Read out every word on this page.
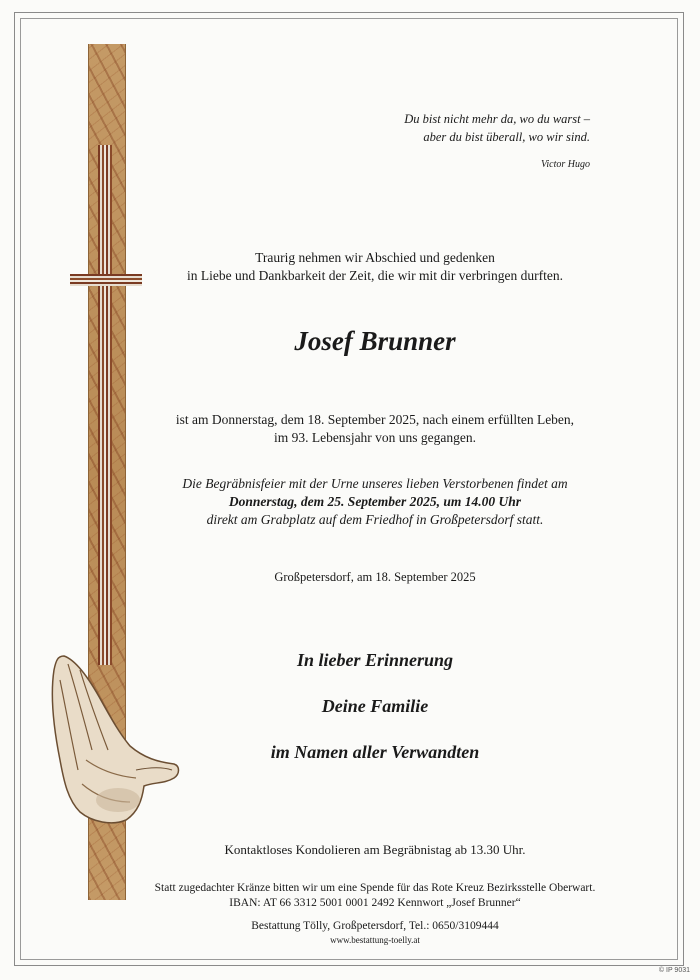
Du bist nicht mehr da, wo du warst –

aber du bist überall, wo wir sind.

Victor Hugo

Traurig nehmen wir Abschied und gedenken

in Liebe und Dankbarkeit der Zeit, die wir mit dir verbringen durften.

Josef Brunner

ist am Donnerstag, dem 18. September 2025, nach einem erfüllten Leben,

im 93. Lebensjahr von uns gegangen.

Die Begräbnisfeier mit der Urne unseres lieben Verstorbenen findet am

Donnerstag, dem 25. September 2025, um 14.00 Uhr

direkt am Grabplatz auf dem Friedhof in Großpetersdorf statt.

Großpetersdorf, am 18. September 2025

In lieber Erinnerung

Deine Familie

im Namen aller Verwandten

Kontaktloses Kondolieren am Begräbnistag ab 13.30 Uhr.

Statt zugedachter Kränze bitten wir um eine Spende für das Rote Kreuz Bezirksstelle Oberwart.

IBAN: AT 66 3312 5001 0001 2492 Kennwort „Josef Brunner“

Bestattung Tölly, Großpetersdorf, Tel.: 0650/3109444

www.bestattung-toelly.at

© IP 9031
